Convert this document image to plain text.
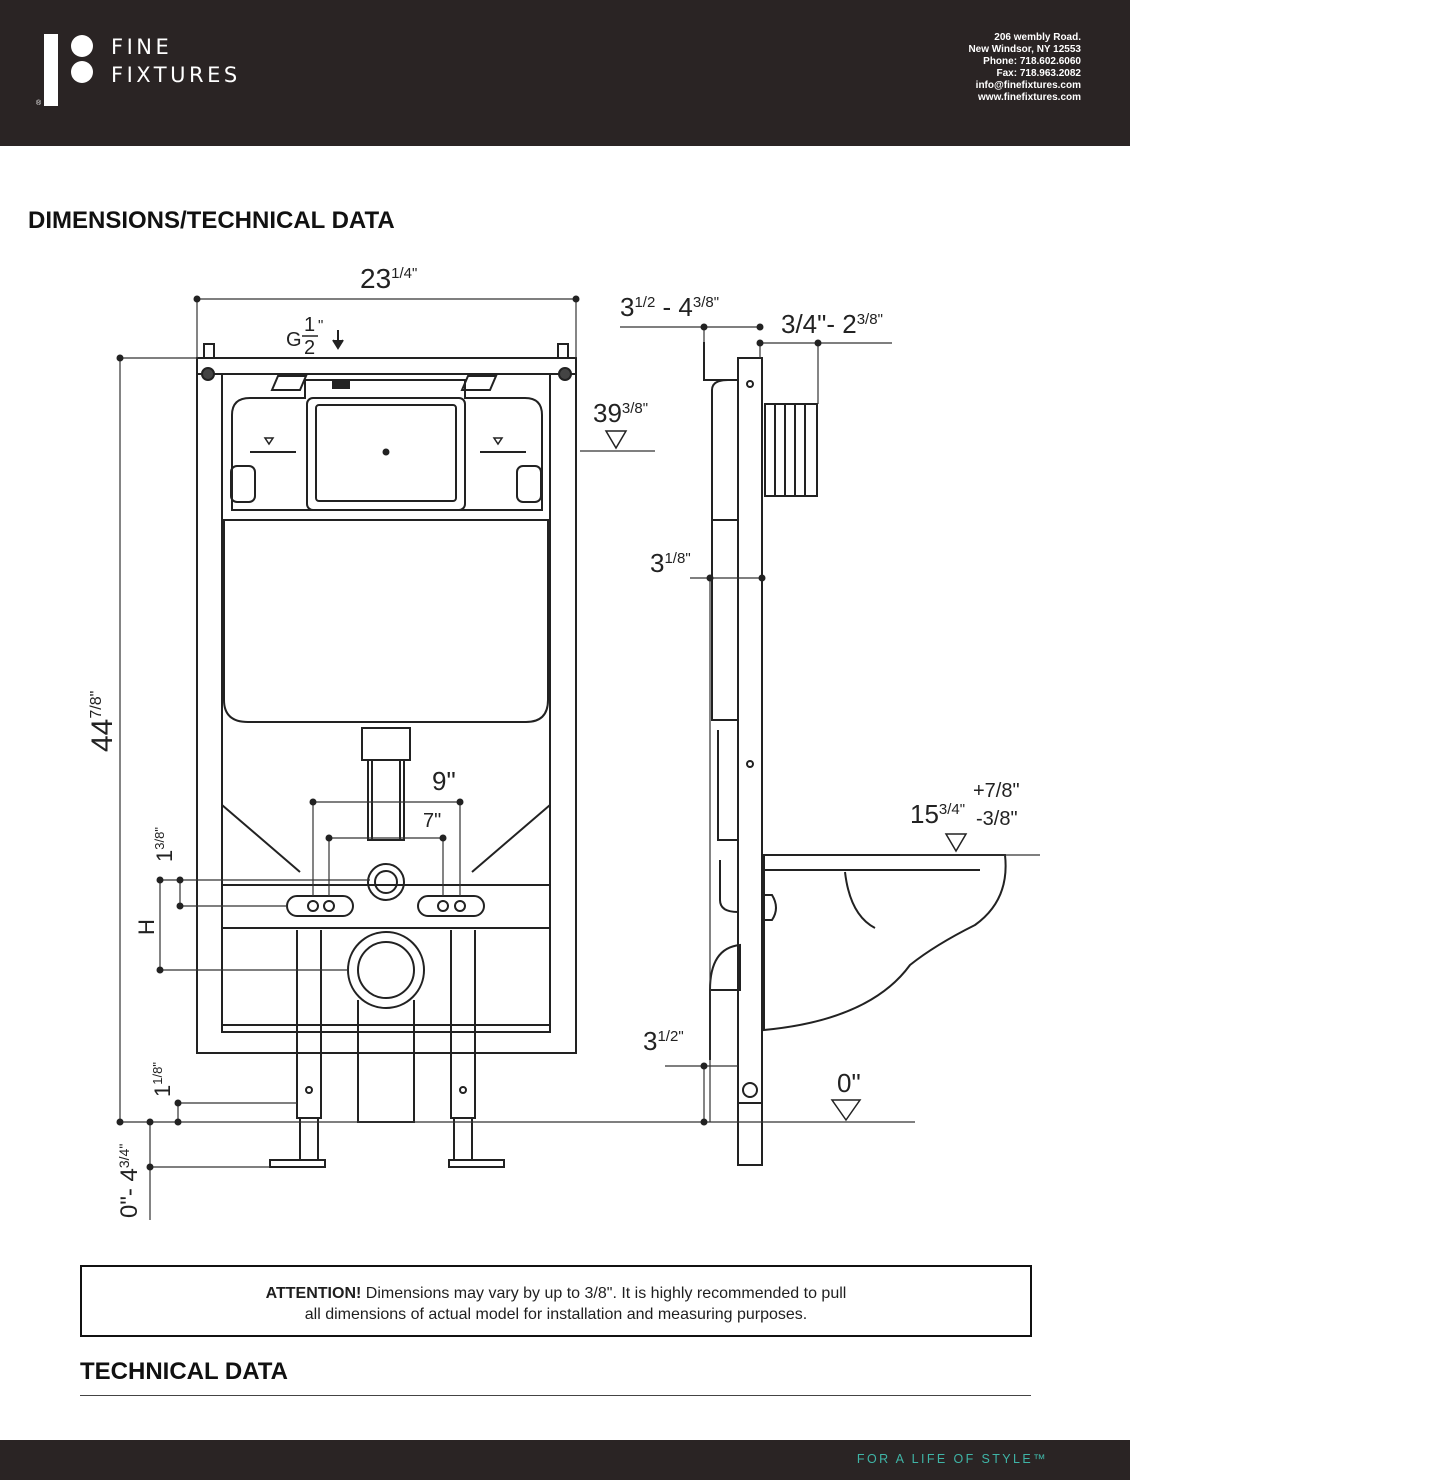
®
FINE
FIXTURES
206 wembly Road.
New Windsor, NY 12553
Phone: 718.602.6060
Fax: 718.963.2082
info@finefixtures.com
www.finefixtures.com
DIMENSIONS/TECHNICAL DATA
$23^{1/4"}$
G
1
2
"
$3^{1/2} - 4^{3/8"}$
3/4"- $2^{3/8"}$
$39^{3/8"}$
$3^{1/8"}$
9"
7"	$15^{3/4"}$
+7/8"
-3/8"
$3^{1/2"}$
0"
$44^{7/8"}$
$1^{3/8"}$
H
$1^{1/8"}$
0"- $4^{3/4"}$
ATTENTION! Dimensions may vary by up to 3/8". It is highly recommended to pull
all dimensions of actual model for installation and measuring purposes.
TECHNICAL DATA
FOR A LIFE OF STYLE™
